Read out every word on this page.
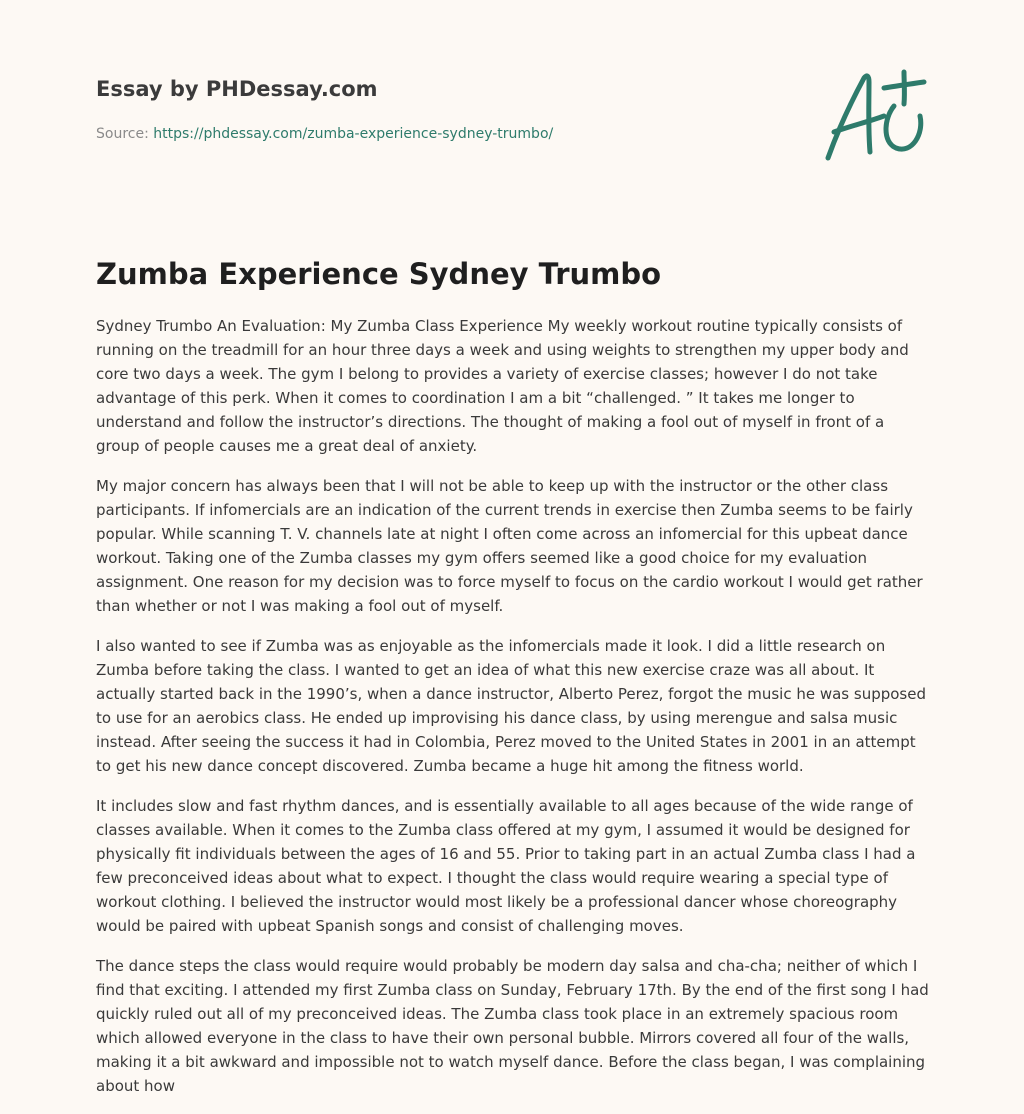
Essay by PHDessay.com
Source: https://phdessay.com/zumba-experience-sydney-trumbo/
Zumba Experience Sydney Trumbo

Sydney Trumbo An Evaluation: My Zumba Class Experience My weekly workout routine typically consists of running on the treadmill for an hour three days a week and using weights to strengthen my upper body and core two days a week. The gym I belong to provides a variety of exercise classes; however I do not take advantage of this perk. When it comes to coordination I am a bit “challenged. ” It takes me longer to understand and follow the instructor’s directions. The thought of making a fool out of myself in front of a group of people causes me a great deal of anxiety.

My major concern has always been that I will not be able to keep up with the instructor or the other class participants. If infomercials are an indication of the current trends in exercise then Zumba seems to be fairly popular. While scanning T. V. channels late at night I often come across an infomercial for this upbeat dance workout. Taking one of the Zumba classes my gym offers seemed like a good choice for my evaluation assignment. One reason for my decision was to force myself to focus on the cardio workout I would get rather than whether or not I was making a fool out of myself.

I also wanted to see if Zumba was as enjoyable as the infomercials made it look. I did a little research on Zumba before taking the class. I wanted to get an idea of what this new exercise craze was all about. It actually started back in the 1990’s, when a dance instructor, Alberto Perez, forgot the music he was supposed to use for an aerobics class. He ended up improvising his dance class, by using merengue and salsa music instead. After seeing the success it had in Colombia, Perez moved to the United States in 2001 in an attempt to get his new dance concept discovered. Zumba became a huge hit among the fitness world.

It includes slow and fast rhythm dances, and is essentially available to all ages because of the wide range of classes available. When it comes to the Zumba class offered at my gym, I assumed it would be designed for physically fit individuals between the ages of 16 and 55. Prior to taking part in an actual Zumba class I had a few preconceived ideas about what to expect. I thought the class would require wearing a special type of workout clothing. I believed the instructor would most likely be a professional dancer whose choreography would be paired with upbeat Spanish songs and consist of challenging moves.

The dance steps the class would require would probably be modern day salsa and cha-cha; neither of which I find that exciting. I attended my first Zumba class on Sunday, February 17th. By the end of the first song I had quickly ruled out all of my preconceived ideas. The Zumba class took place in an extremely spacious room which allowed everyone in the class to have their own personal bubble. Mirrors covered all four of the walls, making it a bit awkward and impossible not to watch myself dance. Before the class began, I was complaining about how
